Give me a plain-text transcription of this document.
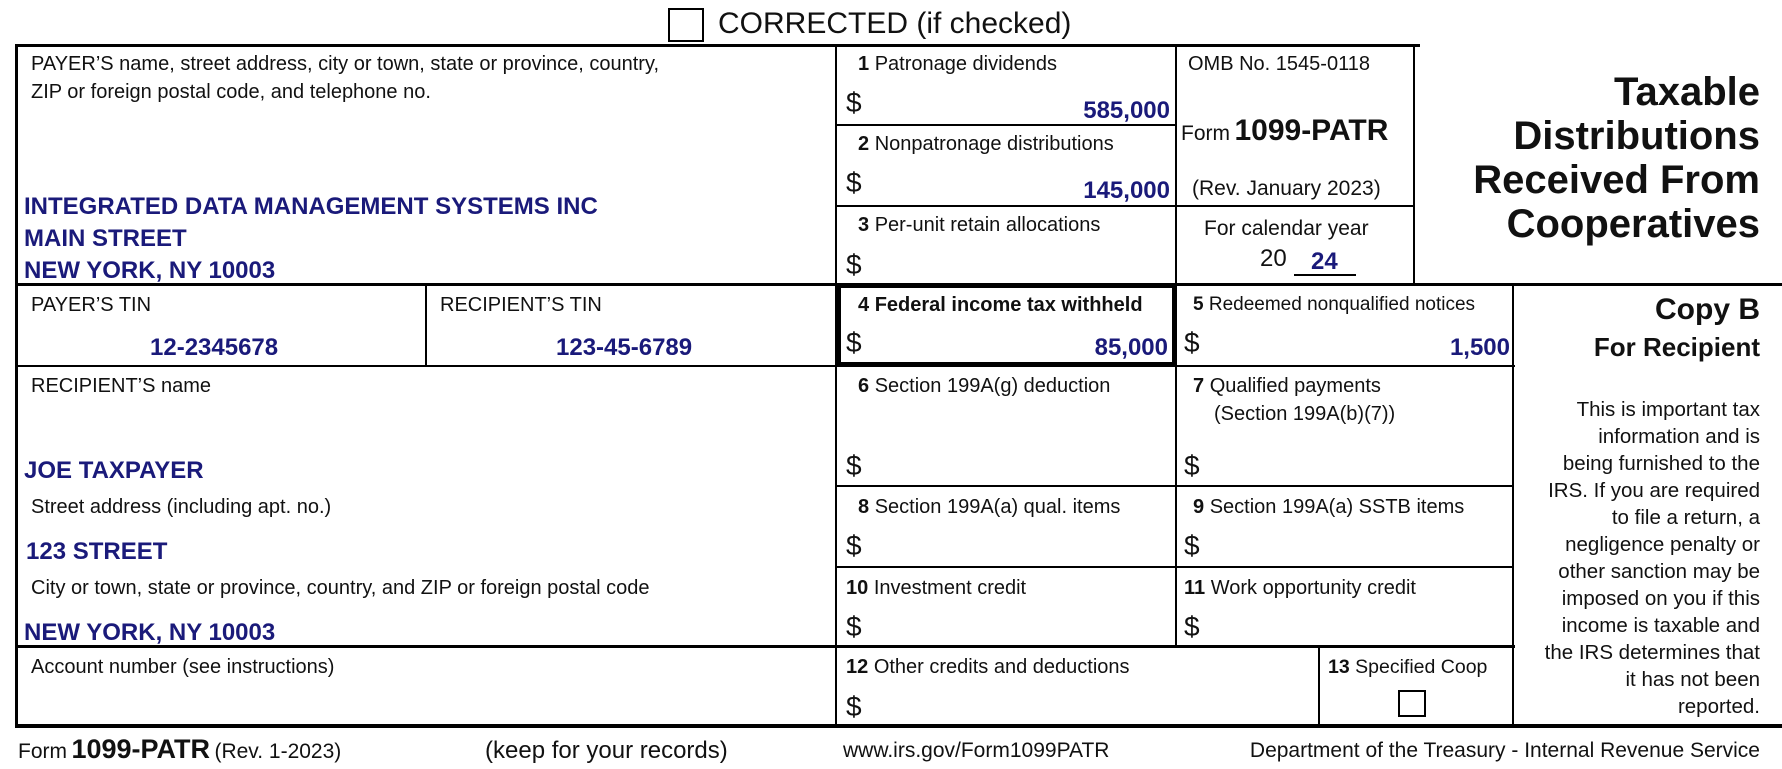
CORRECTED (if checked)
PAYER’S name, street address, city or town, state or province, country,
ZIP or foreign postal code, and telephone no.
INTEGRATED DATA MANAGEMENT SYSTEMS INC
MAIN STREET
NEW YORK, NY 10003
1 Patronage dividends
$	585,000
2 Nonpatronage distributions
$	145,000
3 Per-unit retain allocations
$
OMB No. 1545-0118
Form 1099-PATR
(Rev. January 2023)
For calendar year
20 24
Taxable
Distributions
Received From
Cooperatives
PAYER’S TIN
12-2345678
RECIPIENT’S TIN
123-45-6789
4 Federal income tax withheld
$	85,000
5 Redeemed nonqualified notices
$	1,500
Copy B
For Recipient
This is important tax
information and is
being furnished to the
IRS. If you are required
to file a return, a
negligence penalty or
other sanction may be
imposed on you if this
income is taxable and
the IRS determines that
it has not been
reported.
RECIPIENT’S name
JOE TAXPAYER
Street address (including apt. no.)
123 STREET
City or town, state or province, country, and ZIP or foreign postal code
NEW YORK, NY 10003
6 Section 199A(g) deduction
$
7 Qualified payments
(Section 199A(b)(7))
$
8 Section 199A(a) qual. items
$
9 Section 199A(a) SSTB items
$
10 Investment credit
$
11 Work opportunity credit
$
Account number (see instructions)	12 Other credits and deductions
$
13 Specified Coop
Form 1099-PATR (Rev. 1-2023)	(keep for your records)	www.irs.gov/Form1099PATR	Department of the Treasury - Internal Revenue Service
